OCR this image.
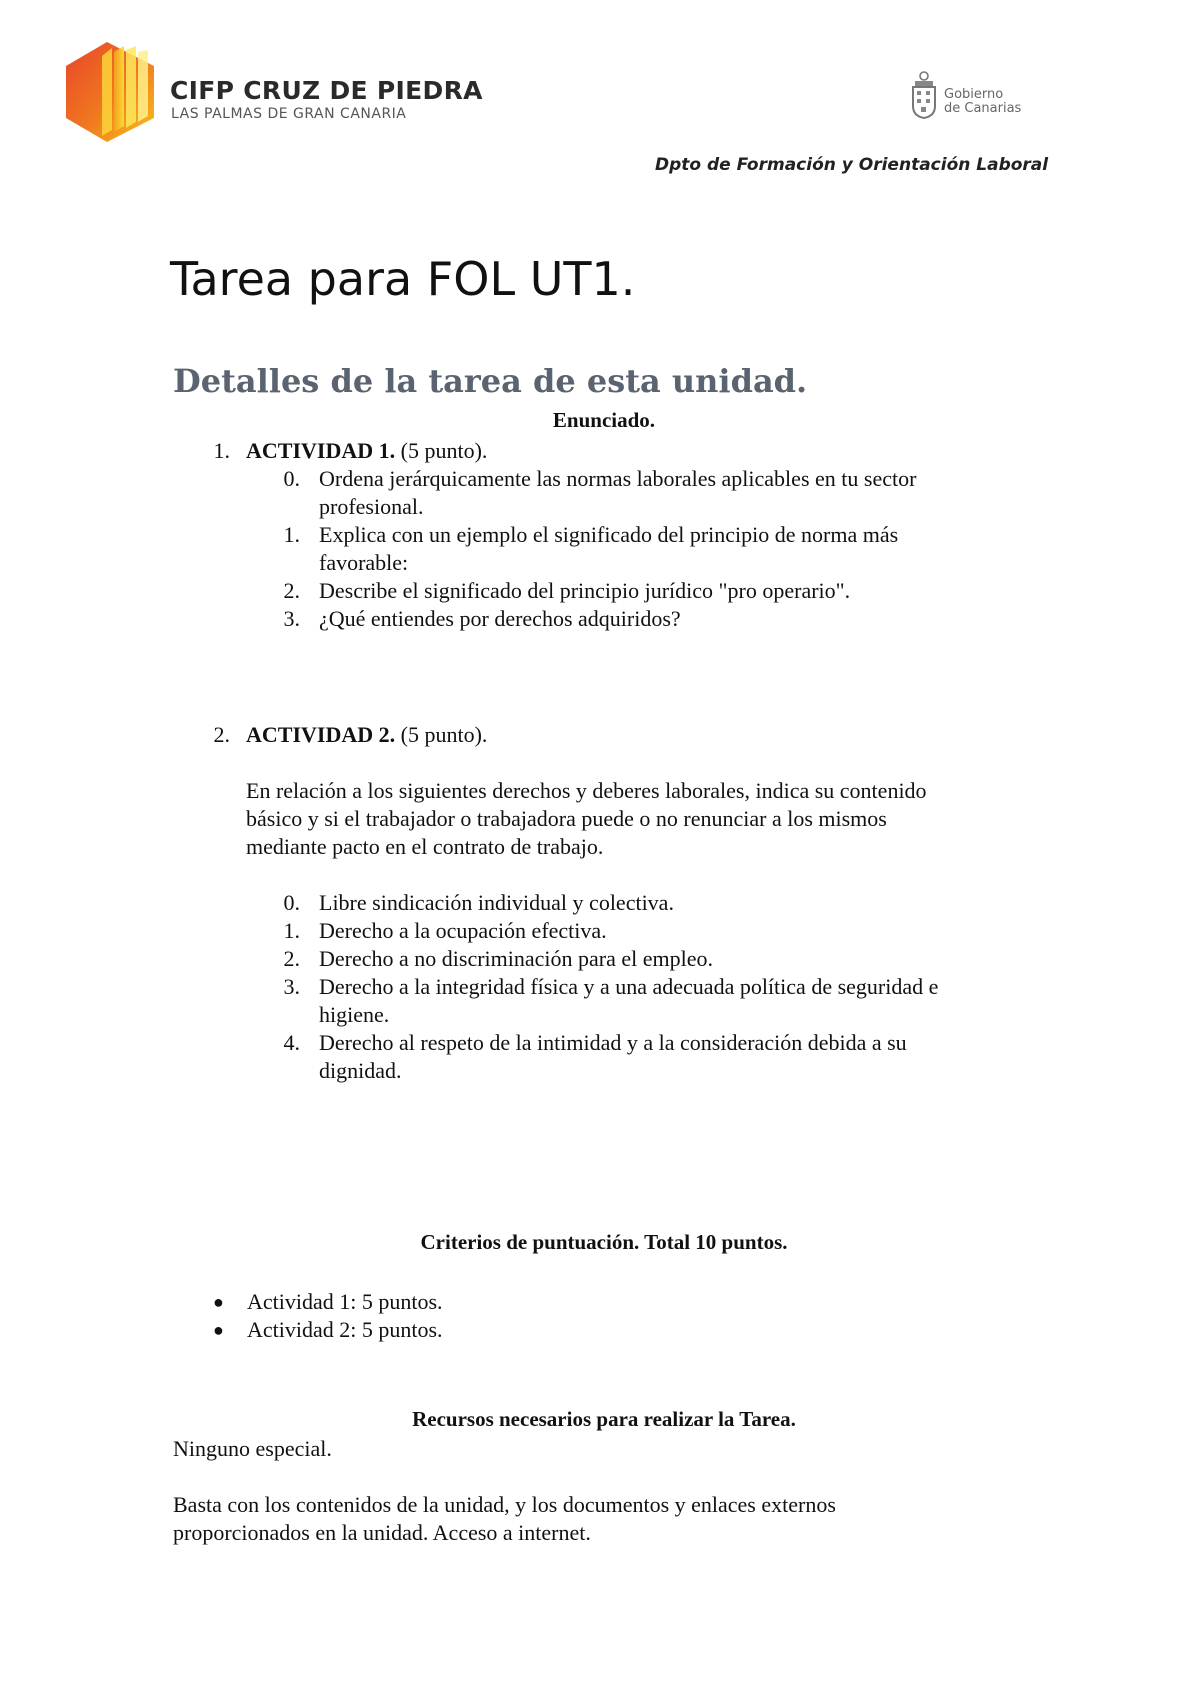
CIFP CRUZ DE PIEDRA
LAS PALMAS DE GRAN CANARIA
Gobierno
de Canarias
Dpto de Formación y Orientación Laboral
Tarea para FOL UT1.
Detalles de la tarea de esta unidad.
Enunciado.
1. ACTIVIDAD 1. (5 punto).
0. Ordena jerárquicamente las normas laborales aplicables en tu sector
profesional.
1. Explica con un ejemplo el significado del principio de norma más
favorable:
2. Describe el significado del principio jurídico "pro operario".
3. ¿Qué entiendes por derechos adquiridos?
2. ACTIVIDAD 2. (5 punto).
En relación a los siguientes derechos y deberes laborales, indica su contenido
básico y si el trabajador o trabajadora puede o no renunciar a los mismos
mediante pacto en el contrato de trabajo.
0. Libre sindicación individual y colectiva.
1. Derecho a la ocupación efectiva.
2. Derecho a no discriminación para el empleo.
3. Derecho a la integridad física y a una adecuada política de seguridad e
higiene.
4. Derecho al respeto de la intimidad y a la consideración debida a su
dignidad.
Criterios de puntuación. Total 10 puntos.
● Actividad 1: 5 puntos.
● Actividad 2: 5 puntos.
Recursos necesarios para realizar la Tarea.
Ninguno especial.
Basta con los contenidos de la unidad, y los documentos y enlaces externos
proporcionados en la unidad. Acceso a internet.
